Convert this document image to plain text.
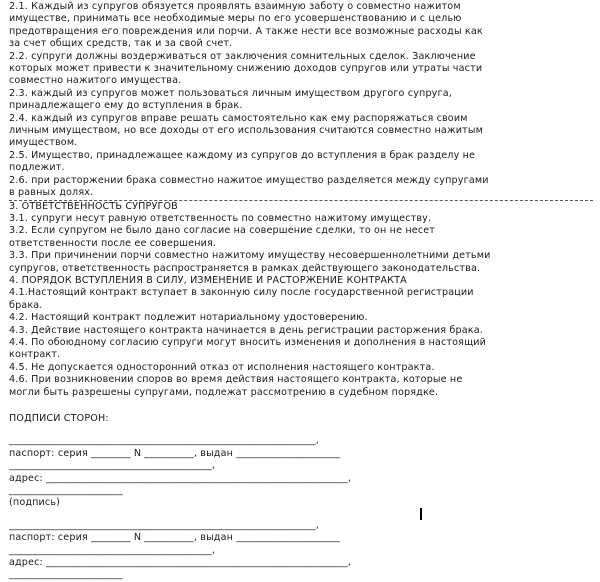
2.1. Каждый из супругов обязуется проявлять взаимную заботу о совместно нажитом
имуществе, принимать все необходимые меры по его усовершенствованию и с целью
предотвращения его повреждения или порчи. А также нести все возможные расходы как
за счет общих средств, так и за свой счет.
2.2. супруги должны воздерживаться от заключения сомнительных сделок. Заключение
которых может привести к значительному снижению доходов супругов или утраты части
совместно нажитого имущества.
2.3. каждый из супругов может пользоваться личным имуществом другого супруга,
принадлежащего ему до вступления в брак.
2.4. каждый из супругов вправе решать самостоятельно как ему распоряжаться своим
личным имуществом, но все доходы от его использования считаются совместно нажитым
имуществом.
2.5. Имущество, принадлежащее каждому из супругов до вступления в брак разделу не
подлежит.
2.6. при расторжении брака совместно нажитое имущество разделяется между супругами
в равных долях.
3. ОТВЕТСТВЕННОСТЬ СУПРУГОВ
3.1. супруги несут равную ответственность по совместно нажитому имуществу.
3.2. Если супругом не было дано согласие на совершение сделки, то он не несет
ответственности после ее совершения.
3.3. При причинении порчи совместно нажитому имуществу несовершеннолетними детьми
супругов, ответственность распространяется в рамках действующего законодательства.
4. ПОРЯДОК ВСТУПЛЕНИЯ В СИЛУ, ИЗМЕНЕНИЕ И РАСТОРЖЕНИЕ КОНТРАКТА
4.1.Настоящий контракт вступает в законную силу после государственной регистрации
брака.
4.2. Настоящий контракт подлежит нотариальному удостоверению.
4.3. Действие настоящего контракта начинается в день регистрации расторжения брака.
4.4. По обоюдному согласию супруги могут вносить изменения и дополнения в настоящий
контракт.
4.5. Не допускается односторонний отказ от исполнения настоящего контракта.
4.6. При возникновении споров во время действия настоящего контракта, которые не
могли быть разрешены супругами, подлежат рассмотрению в судебном порядке.
ПОДПИСИ СТОРОН:
______________________________________________________________,
паспорт: серия ________ N __________, выдан _____________________
_________________________________________,
адрес: _____________________________________________________________,
_______________________
(подпись)
______________________________________________________________,
паспорт: серия ________ N __________, выдан _____________________
_________________________________________,
адрес: _____________________________________________________________,
_______________________
